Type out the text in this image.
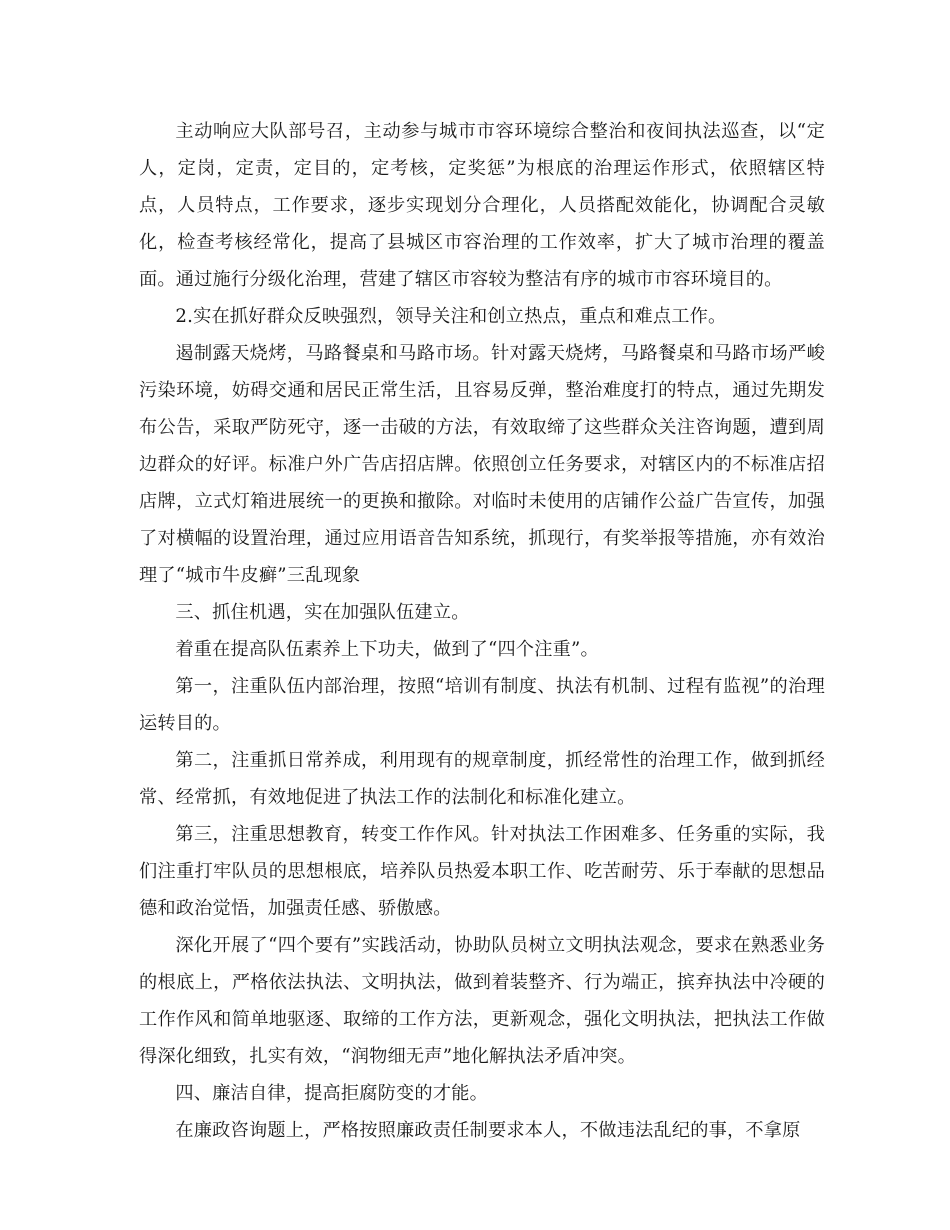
主动响应大队部号召，主动参与城市市容环境综合整治和夜间执法巡查，以“定人，定岗，定责，定目的，定考核，定奖惩”为根底的治理运作形式，依照辖区特点，人员特点，工作要求，逐步实现划分合理化，人员搭配效能化，协调配合灵敏化，检查考核经常化，提高了县城区市容治理的工作效率，扩大了城市治理的覆盖面。通过施行分级化治理，营建了辖区市容较为整洁有序的城市市容环境目的。

2.实在抓好群众反映强烈，领导关注和创立热点，重点和难点工作。

遏制露天烧烤，马路餐桌和马路市场。针对露天烧烤，马路餐桌和马路市场严峻污染环境，妨碍交通和居民正常生活，且容易反弹，整治难度打的特点，通过先期发布公告，采取严防死守，逐一击破的方法，有效取缔了这些群众关注咨询题，遭到周边群众的好评。标准户外广告店招店牌。依照创立任务要求，对辖区内的不标准店招店牌，立式灯箱进展统一的更换和撤除。对临时未使用的店铺作公益广告宣传，加强了对横幅的设置治理，通过应用语音告知系统，抓现行，有奖举报等措施，亦有效治理了“城市牛皮癣”三乱现象

三、抓住机遇，实在加强队伍建立。

着重在提高队伍素养上下功夫，做到了“四个注重”。

第一，注重队伍内部治理，按照“培训有制度、执法有机制、过程有监视”的治理运转目的。

第二，注重抓日常养成，利用现有的规章制度，抓经常性的治理工作，做到抓经常、经常抓，有效地促进了执法工作的法制化和标准化建立。

第三，注重思想教育，转变工作作风。针对执法工作困难多、任务重的实际，我们注重打牢队员的思想根底，培养队员热爱本职工作、吃苦耐劳、乐于奉献的思想品德和政治觉悟，加强责任感、骄傲感。

深化开展了“四个要有”实践活动，协助队员树立文明执法观念，要求在熟悉业务的根底上，严格依法执法、文明执法，做到着装整齐、行为端正，摈弃执法中冷硬的工作作风和简单地驱逐、取缔的工作方法，更新观念，强化文明执法，把执法工作做得深化细致，扎实有效，“润物细无声”地化解执法矛盾冲突。

四、廉洁自律，提高拒腐防变的才能。

在廉政咨询题上，严格按照廉政责任制要求本人，不做违法乱纪的事，不拿原
